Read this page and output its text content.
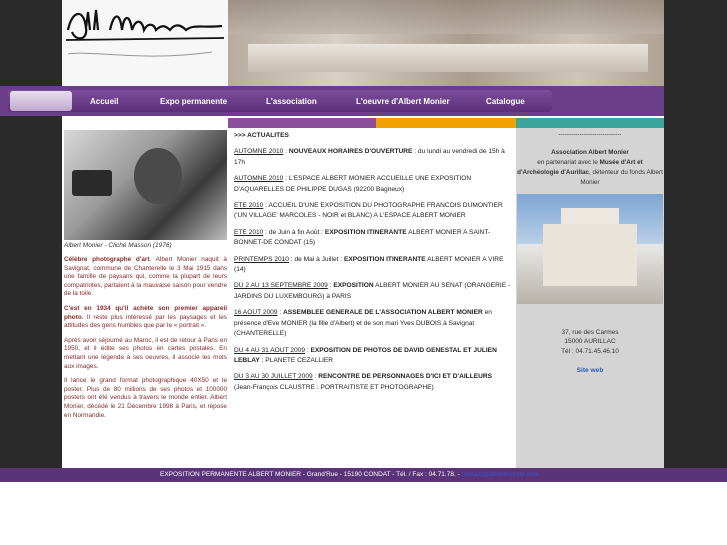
Accueil	Expo permanente	L'association	L'oeuvre d'Albert Monier	Catalogue
Albert Monier - Cliché Masson (1976)

Célèbre photographe d'art. Albert Monier naquit à Savignat, commune de Chanterelle le 3 Mai 1915 dans une famille de paysans qui, comme la plupart de leurs compatriotes, partaient à la mauvaise saison pour vendre de la toile.

C'est en 1934 qu'il achète son premier appareil photo. Il reste plus intéressé par les paysages et les attitudes des gens humbles que par le « portrait ».

Après avoir séjourné au Maroc, il est de retour à Paris en 1950, et il édite ses photos en cartes postales. En mettant une légende à ses oeuvres, il associe les mots aux images.

Il lance le grand format photographique 40X50 et le poster. Plus de 80 millions de ses photos et 100000 posters ont été vendus à travers le monde entier. Albert Monier, décédé le 21 Décembre 1998 à Paris, et repose en Normandie.

>>> ACTUALITES
AUTOMNE 2010 : NOUVEAUX HORAIRES D'OUVERTURE : du lundi au vendredi de 15h à 17h
AUTOMNE 2010 : L'ESPACE ALBERT MONIER ACCUEILLE UNE EXPOSITION D'AQUARELLES DE PHILIPPE DUGAS (92200 Bagneux)
ETE 2010 : ACCUEIL D'UNE EXPOSITION DU PHOTOGRAPHE FRANCOIS DUMONTIER ('UN VILLAGE' MARCOLES - NOIR et BLANC) A L'ESPACE ALBERT MONIER
ETE 2010 : de Juin à fin Août : EXPOSITION ITINERANTE ALBERT MONIER A SAINT-BONNET-DE CONDAT (15)
PRINTEMPS 2010 : de Mai à Juillet : EXPOSITION ITINERANTE ALBERT MONIER A VIRE (14)
DU 2 AU 13 SEPTEMBRE 2009 : EXPOSITION ALBERT MONIER AU SENAT (ORANGERIE - JARDINS DU LUXEMBOURG) à PARIS
16 AOUT 2009 : ASSEMBLEE GENERALE DE L'ASSOCIATION ALBERT MONIER en présence d'Eve MONIER (la fille d'Albert) et de son mari Yves DUBOIS à Savignat (CHANTERELLE)
DU 4 AU 31 AOUT 2009 : EXPOSITION DE PHOTOS DE DAVID GENESTAL ET JULIEN LEBLAY : PLANETE CEZALLIER
DU 3 AU 30 JUILLET 2009 : RENCONTRE DE PERSONNAGES D'ICI ET D'AILLEURS (Jean-François CLAUSTRE : PORTRAITISTE ET PHOTOGRAPHE)
------------------------------
Association Albert Monier
en partenariat avec le Musée d'Art et d'Archéologie d'Aurillac, détenteur du fonds Albert Monier
37, rue des Carmes
15000 AURILLAC
Tél : 04.71.45.46.10
Site web
EXPOSITION PERMANENTE ALBERT MONIER - Grand'Rue - 15190 CONDAT - Tél. / Fax : 04.71.78. - contact@albertmonier.com
